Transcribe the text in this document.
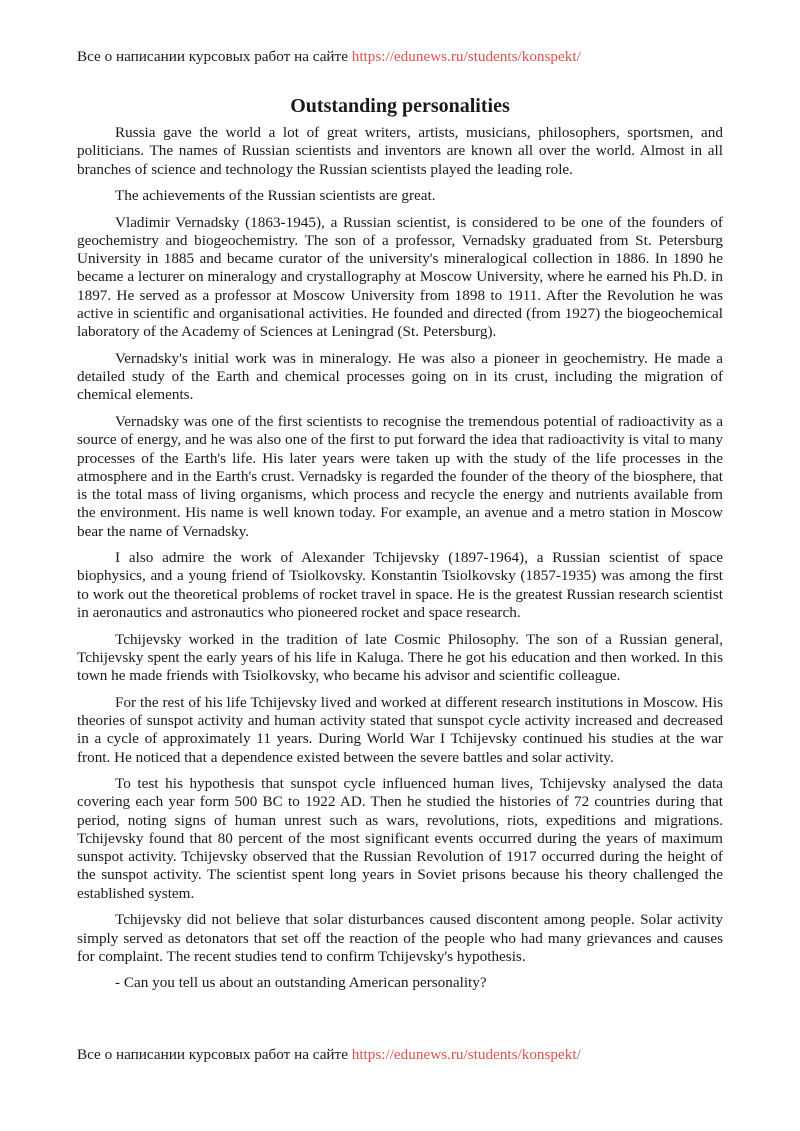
Все о написании курсовых работ на сайте https://edunews.ru/students/konspekt/
Outstanding personalities

Russia gave the world a lot of great writers, artists, musicians, philosophers, sportsmen, and politicians. The names of Russian scientists and inventors are known all over the world. Almost in all branches of science and technology the Russian scientists played the leading role.

The achievements of the Russian scientists are great.

Vladimir Vernadsky (1863-1945), a Russian scientist, is considered to be one of the founders of geochemistry and biogeochemistry. The son of a professor, Vernadsky graduated from St. Petersburg University in 1885 and became curator of the university's mineralogical collection in 1886. In 1890 he became a lecturer on mineralogy and crystallography at Moscow University, where he earned his Ph.D. in 1897. He served as a professor at Moscow University from 1898 to 1911. After the Revolution he was active in scientific and organisational activities. He founded and directed (from 1927) the biogeochemical laboratory of the Academy of Sciences at Leningrad (St. Petersburg).

Vernadsky's initial work was in mineralogy. He was also a pioneer in geochemistry. He made a detailed study of the Earth and chemical processes going on in its crust, including the migration of chemical elements.

Vernadsky was one of the first scientists to recognise the tremendous potential of radioactivity as a source of energy, and he was also one of the first to put forward the idea that radioactivity is vital to many processes of the Earth's life. His later years were taken up with the study of the life processes in the atmosphere and in the Earth's crust. Vernadsky is regarded the founder of the theory of the biosphere, that is the total mass of living organisms, which process and recycle the energy and nutrients available from the environment. His name is well known today. For example, an avenue and a metro station in Moscow bear the name of Vernadsky.

I also admire the work of Alexander Tchijevsky (1897-1964), a Russian scientist of space biophysics, and a young friend of Tsiolkovsky. Konstantin Tsiolkovsky (1857-1935) was among the first to work out the theoretical problems of rocket travel in space. He is the greatest Russian research scientist in aeronautics and astronautics who pioneered rocket and space research.

Tchijevsky worked in the tradition of late Cosmic Philosophy. The son of a Russian general, Tchijevsky spent the early years of his life in Kaluga. There he got his education and then worked. In this town he made friends with Tsiolkovsky, who became his advisor and scientific colleague.

For the rest of his life Tchijevsky lived and worked at different research institutions in Moscow. His theories of sunspot activity and human activity stated that sunspot cycle activity increased and decreased in a cycle of approximately 11 years. During World War I Tchijevsky continued his studies at the war front. He noticed that a dependence existed between the severe battles and solar activity.

To test his hypothesis that sunspot cycle influenced human lives, Tchijevsky analysed the data covering each year form 500 BC to 1922 AD. Then he studied the histories of 72 countries during that period, noting signs of human unrest such as wars, revolutions, riots, expeditions and migrations. Tchijevsky found that 80 percent of the most significant events occurred during the years of maximum sunspot activity. Tchijevsky observed that the Russian Revolution of 1917 occurred during the height of the sunspot activity. The scientist spent long years in Soviet prisons because his theory challenged the established system.

Tchijevsky did not believe that solar disturbances caused discontent among people. Solar activity simply served as detonators that set off the reaction of the people who had many grievances and causes for complaint. The recent studies tend to confirm Tchijevsky's hypothesis.

- Can you tell us about an outstanding American personality?

Все о написании курсовых работ на сайте https://edunews.ru/students/konspekt/
